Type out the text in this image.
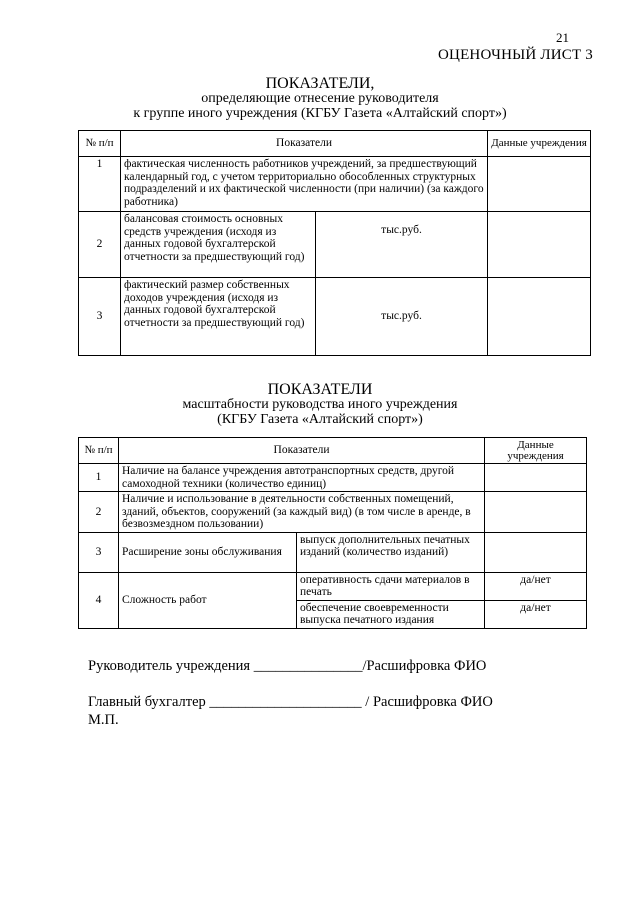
21
ОЦЕНОЧНЫЙ ЛИСТ 3
ПОКАЗАТЕЛИ,
определяющие отнесение руководителя
к группе иного учреждения (КГБУ Газета «Алтайский спорт»)
№ п/п	Показатели		Данные учреждения
1	фактическая численность работников учреждений, за предшествующий календарный год, с учетом территориально обособленных структурных подразделений и их фактической численности (при наличии) (за каждого работника)		
2	балансовая стоимость основных средств учреждения (исходя из данных годовой бухгалтерской отчетности за предшествующий год)	тыс.руб.	
3	фактический размер собственных доходов учреждения (исходя из данных годовой бухгалтерской отчетности за предшествующий год)	тыс.руб.	
ПОКАЗАТЕЛИ
масштабности руководства иного учреждения
(КГБУ Газета «Алтайский спорт»)
№ п/п	Показатели		Данные учреждения
1	Наличие на балансе учреждения автотранспортных средств, другой самоходной техники (количество единиц)		
2	Наличие и использование в деятельности собственных помещений, зданий, объектов, сооружений (за каждый вид) (в том числе в аренде, в безвозмездном пользовании)		
3	Расширение зоны обслуживания	выпуск дополнительных печатных изданий (количество изданий)	
4	Сложность работ	оперативность сдачи материалов в печать	да/нет
		обеспечение своевременности выпуска печатного издания	да/нет
Руководитель учреждения _______________/Расшифровка ФИО
Главный бухгалтер _____________________ / Расшифровка ФИО
М.П.
